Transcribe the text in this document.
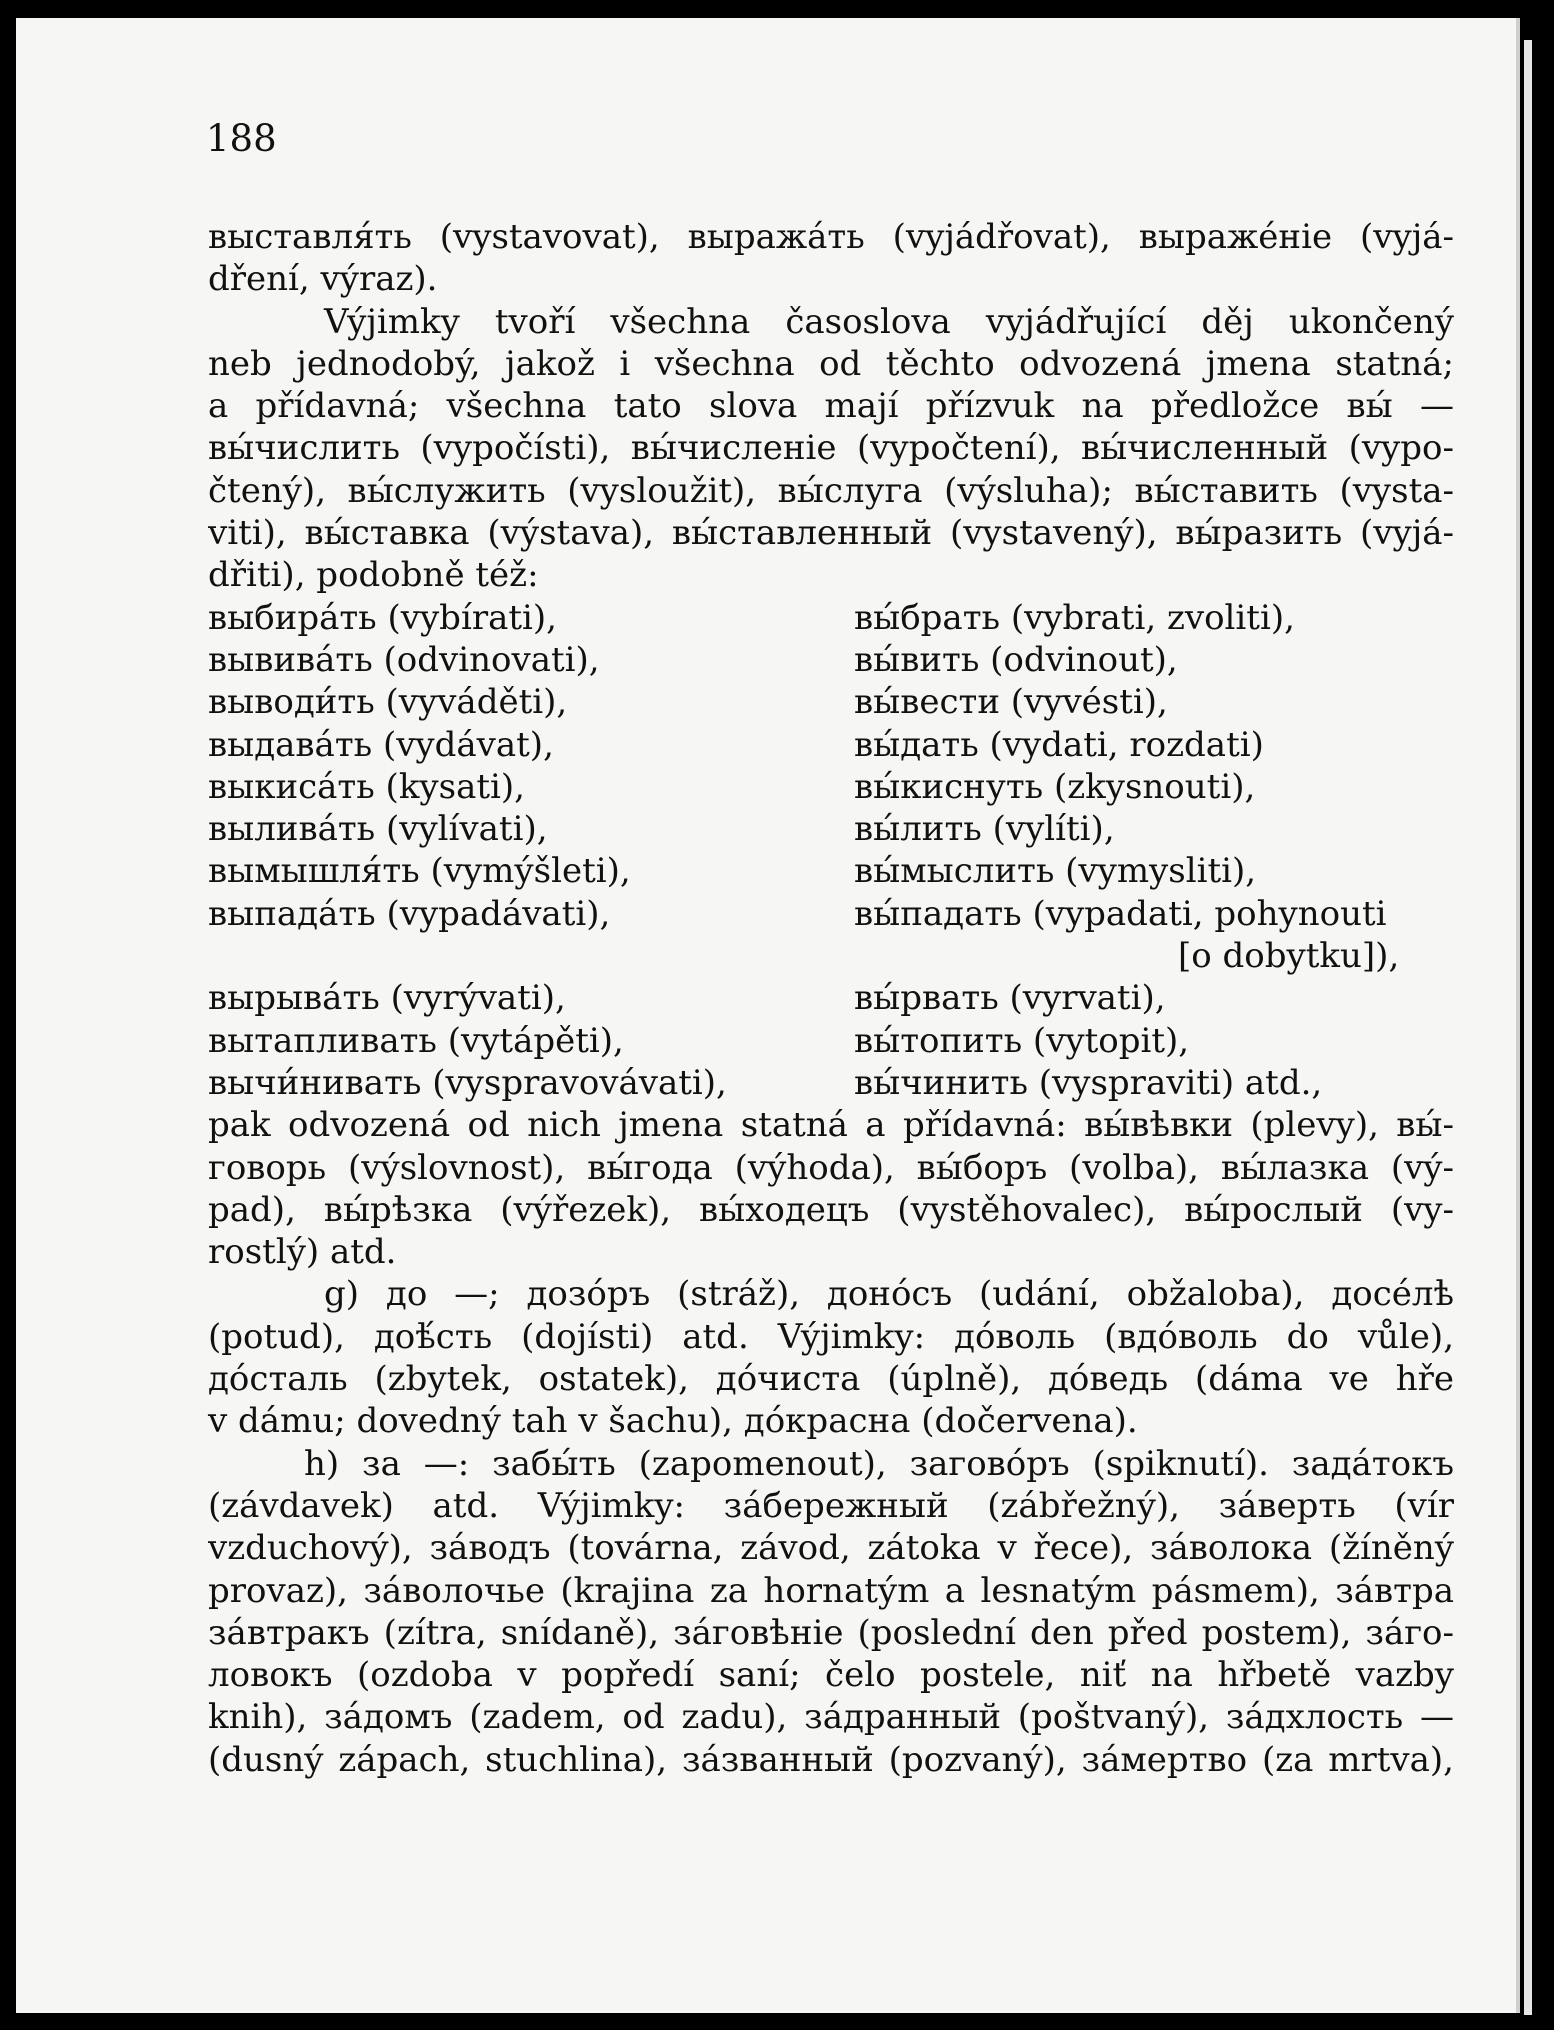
188
выставля́ть (vystavovat), выража́ть (vyjádřovat), выраже́ніе (vyjá-
dření, výraz).
Výjimky tvoří všechna časoslova vyjádřující děj ukončený
neb jednodobý, jakož i všechna od těchto odvozená jmena statná;
a přídavná; všechna tato slova mají přízvuk na předložce вы́ —
вы́числить (vypočísti), вы́численіе (vypočtení), вы́численный (vypo-
čtený), вы́служить (vysloužit), вы́слуга (výsluha); вы́ставить (vysta-
viti), вы́ставка (výstava), вы́ставленный (vystavený), вы́разить (vyjá-
dřiti), podobně též:
выбира́ть (vybírati),	вы́брать (vybrati, zvoliti),
вывива́ть (odvinovati),	вы́вить (odvinout),
выводи́ть (vyváděti),	вы́вести (vyvésti),
выдава́ть (vydávat),	вы́дать (vydati, rozdati)
выкиса́ть (kysati),	вы́киснуть (zkysnouti),
вылива́ть (vylívati),	вы́лить (vylíti),
вымышля́ть (vymýšleti),	вы́мыслить (vymysliti),
выпада́ть (vypadávati),	вы́падать (vypadati, pohynouti
[o dobytku]),
вырыва́ть (vyrývati),	вы́рвать (vyrvati),
вытапливать (vytápěti),	вы́топить (vytopit),
вычи́нивать (vyspravovávati),	вы́чинить (vyspraviti) atd.,
pak odvozená od nich jmena statná a přídavná: вы́вѣвки (plevy), вы́-
говорь (výslovnost), вы́года (výhoda), вы́боръ (volba), вы́лазка (vý-
pad), вы́рѣзка (výřezek), вы́ходецъ (vystěhovalec), вы́рослый (vy-
rostlý) atd.
g) до —; дозо́ръ (stráž), доно́съ (udání, obžaloba), досе́лѣ
(potud), доѣ́сть (dojísti) atd. Výjimky: до́воль (вдо́воль do vůle),
до́сталь (zbytek, ostatek), до́чиста (úplně), до́ведь (dáma ve hře
v dámu; dovedný tah v šachu), до́красна (dočervena).
h) за —: забы́ть (zapomenout), загово́ръ (spiknutí). зада́токъ
(závdavek) atd. Výjimky: за́бережный (zábřežný), за́верть (vír
vzduchový), за́водъ (továrna, závod, zátoka v řece), за́волока (žíněný
provaz), за́волочье (krajina za hornatým a lesnatým pásmem), за́втра
за́втракъ (zítra, snídaně), за́говѣніе (poslední den před postem), за́го-
ловокъ (ozdoba v popředí saní; čelo postele, niť na hřbetě vazby
knih), за́домъ (zadem, od zadu), за́дранный (poštvaný), за́дхлость —
(dusný zápach, stuchlina), за́званный (pozvaný), за́мертво (za mrtva),
